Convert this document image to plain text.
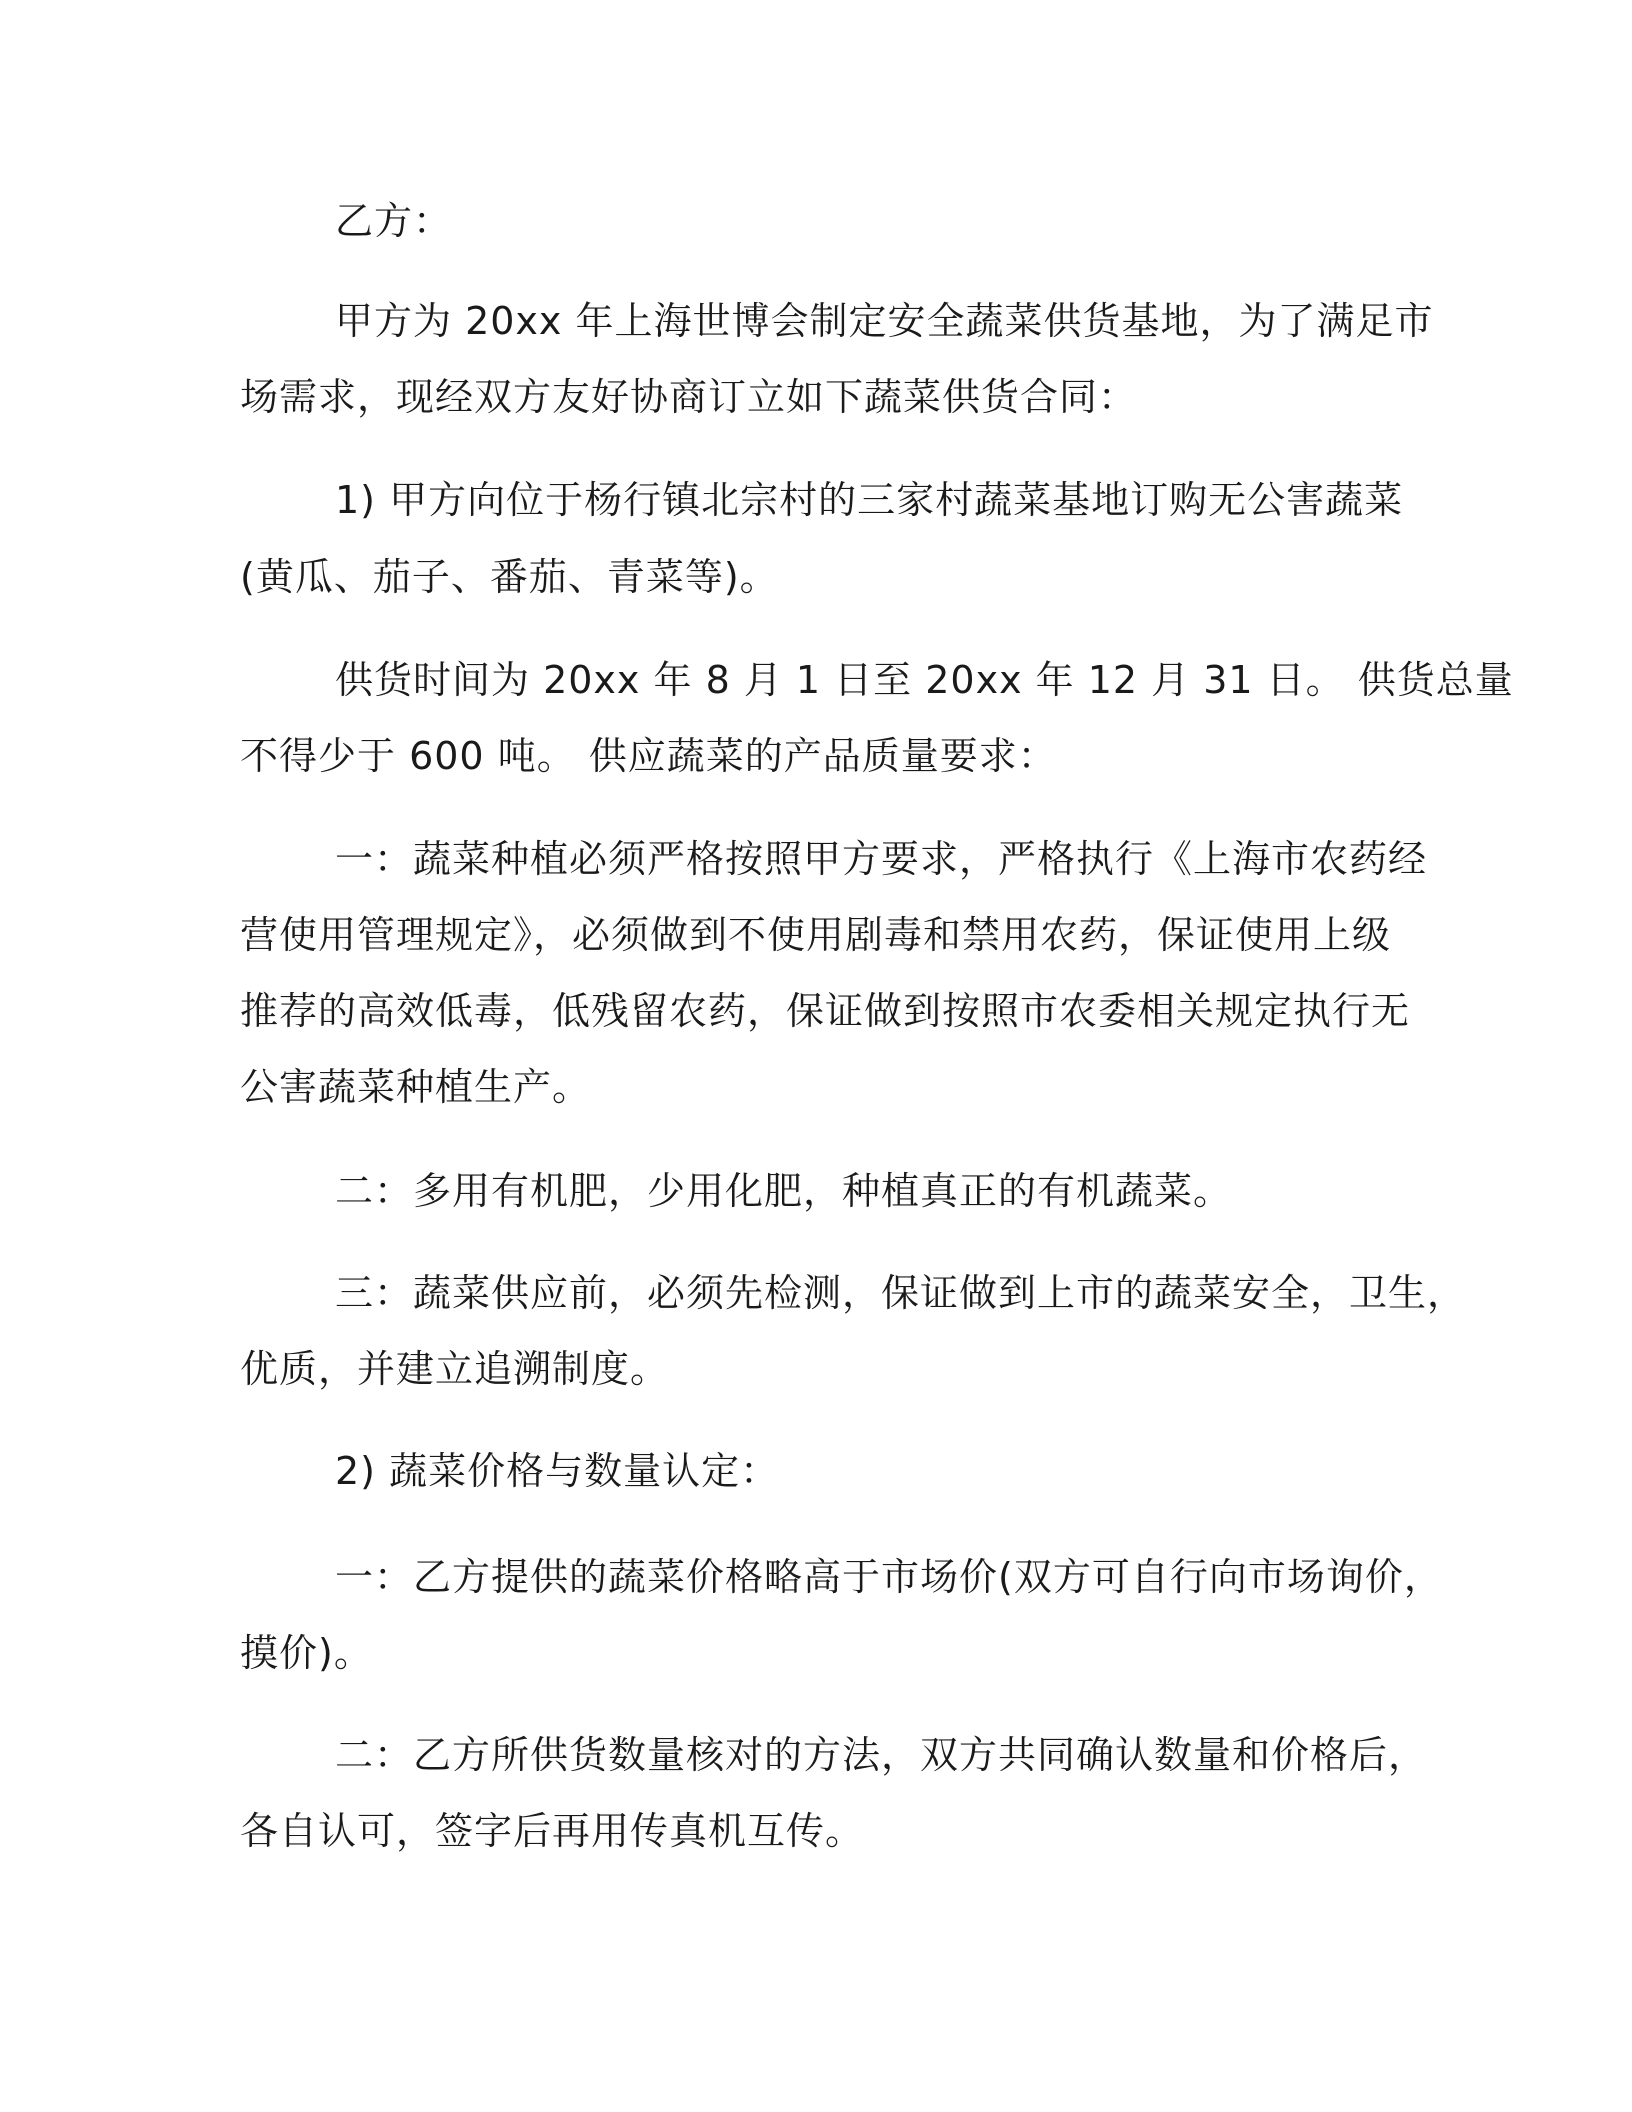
乙方：
甲方为 20xx 年上海世博会制定安全蔬菜供货基地，为了满足市
场需求，现经双方友好协商订立如下蔬菜供货合同：
1) 甲方向位于杨行镇北宗村的三家村蔬菜基地订购无公害蔬菜
(黄瓜、茄子、番茄、青菜等)。
供货时间为 20xx 年 8 月 1 日至 20xx 年 12 月 31 日。 供货总量
不得少于 600 吨。 供应蔬菜的产品质量要求：
一：蔬菜种植必须严格按照甲方要求，严格执行《上海市农药经
营使用管理规定》，必须做到不使用剧毒和禁用农药，保证使用上级
推荐的高效低毒，低残留农药，保证做到按照市农委相关规定执行无
公害蔬菜种植生产。
二：多用有机肥，少用化肥，种植真正的有机蔬菜。
三：蔬菜供应前，必须先检测，保证做到上市的蔬菜安全，卫生，
优质，并建立追溯制度。
2) 蔬菜价格与数量认定：
一：乙方提供的蔬菜价格略高于市场价(双方可自行向市场询价，
摸价)。
二：乙方所供货数量核对的方法，双方共同确认数量和价格后，
各自认可，签字后再用传真机互传。
